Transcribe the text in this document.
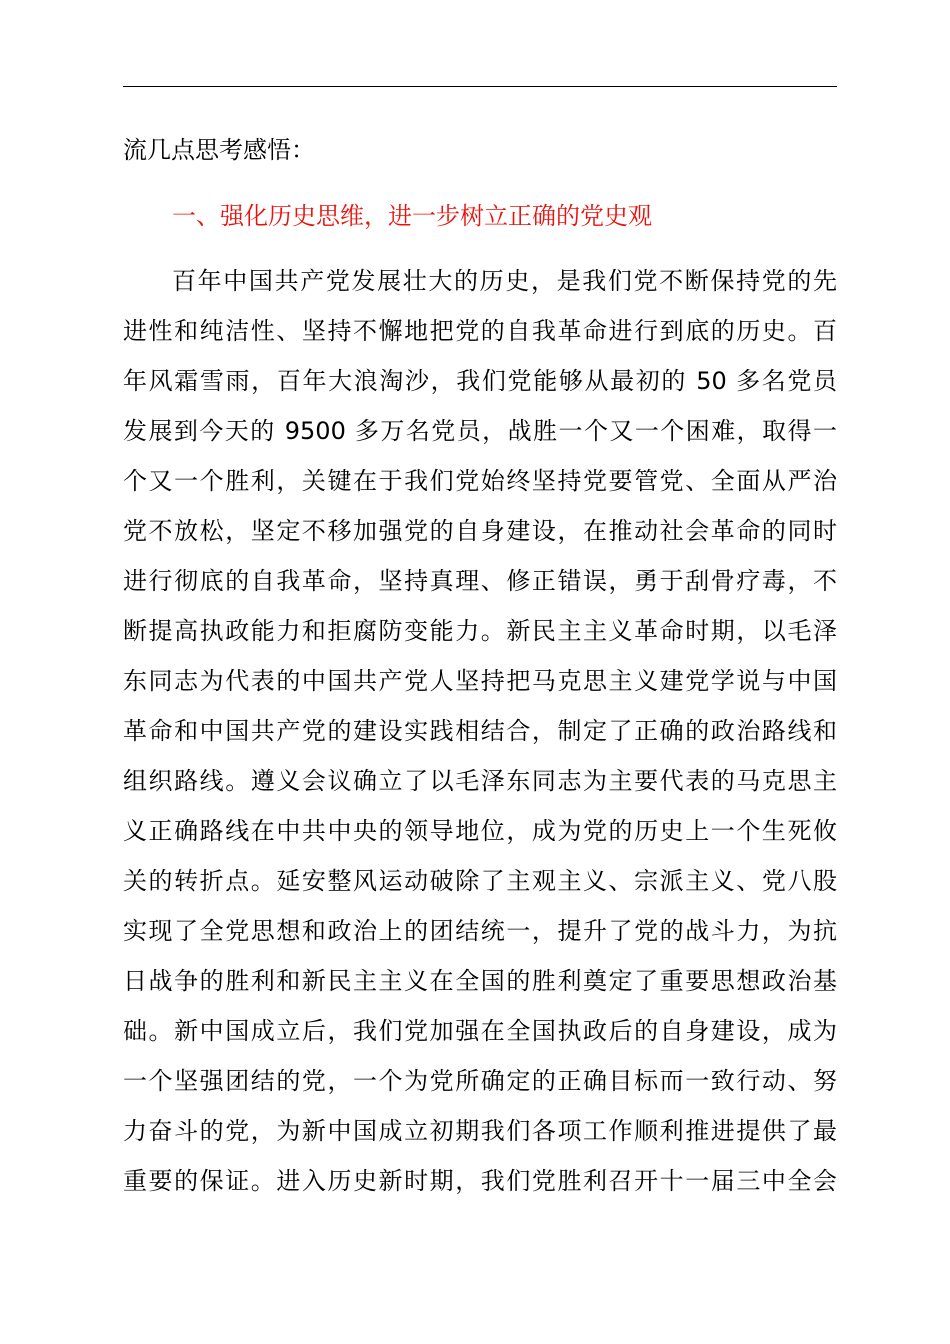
流几点思考感悟：
一、强化历史思维，进一步树立正确的党史观
百年中国共产党发展壮大的历史，是我们党不断保持党的先
进性和纯洁性、坚持不懈地把党的自我革命进行到底的历史。百
年风霜雪雨，百年大浪淘沙，我们党能够从最初的 50 多名党员
发展到今天的 9500 多万名党员，战胜一个又一个困难，取得一
个又一个胜利，关键在于我们党始终坚持党要管党、全面从严治
党不放松，坚定不移加强党的自身建设，在推动社会革命的同时
进行彻底的自我革命，坚持真理、修正错误，勇于刮骨疗毒，不
断提高执政能力和拒腐防变能力。新民主主义革命时期，以毛泽
东同志为代表的中国共产党人坚持把马克思主义建党学说与中国
革命和中国共产党的建设实践相结合，制定了正确的政治路线和
组织路线。遵义会议确立了以毛泽东同志为主要代表的马克思主
义正确路线在中共中央的领导地位，成为党的历史上一个生死攸
关的转折点。延安整风运动破除了主观主义、宗派主义、党八股
实现了全党思想和政治上的团结统一，提升了党的战斗力，为抗
日战争的胜利和新民主主义在全国的胜利奠定了重要思想政治基
础。新中国成立后，我们党加强在全国执政后的自身建设，成为
一个坚强团结的党，一个为党所确定的正确目标而一致行动、努
力奋斗的党，为新中国成立初期我们各项工作顺利推进提供了最
重要的保证。进入历史新时期，我们党胜利召开十一届三中全会
